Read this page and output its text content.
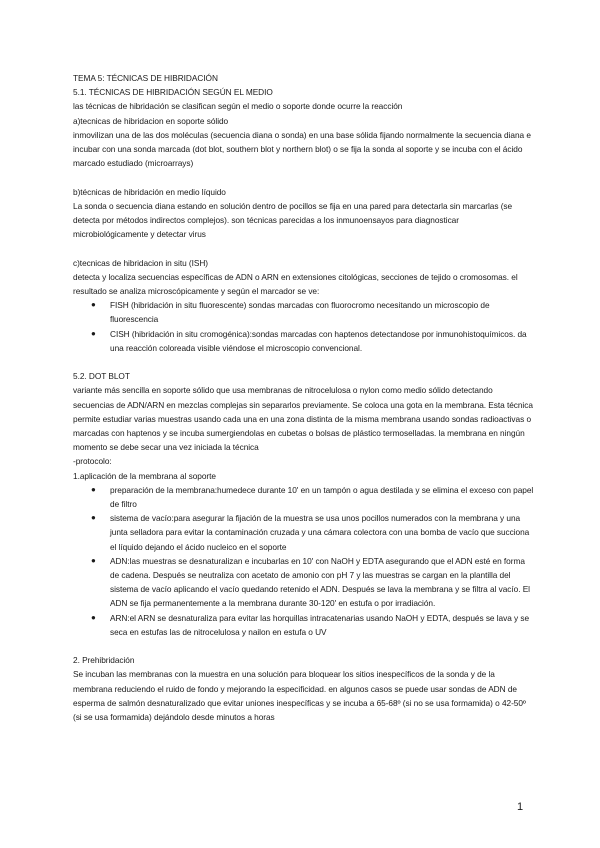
TEMA 5: TÉCNICAS DE HIBRIDACIÓN

5.1. TÉCNICAS DE HIBRIDACIÓN SEGÚN EL MEDIO

las técnicas de hibridación se clasifican según el medio o soporte donde ocurre la reacción

a)tecnicas de hibridacion en soporte sólido

inmovilizan una de las dos moléculas (secuencia diana o sonda) en una base sólida fijando normalmente la secuencia diana e incubar con una sonda marcada (dot blot, southern blot y northern blot) o se fija la sonda al soporte y se incuba con el ácido marcado estudiado (microarrays)

b)técnicas de hibridación en medio líquido

La sonda o secuencia diana estando en solución dentro de pocillos se fija en una pared para detectarla sin marcarlas (se detecta por métodos indirectos complejos). son técnicas parecidas a los inmunoensayos para diagnosticar microbiológicamente y detectar virus

c)tecnicas de hibridacion in situ (ISH)

detecta y localiza secuencias específicas de ADN o ARN en extensiones citológicas, secciones de tejido o cromosomas. el resultado se analiza microscópicamente y según el marcador se ve:

● FISH (hibridación in situ fluorescente) sondas marcadas con fluorocromo necesitando un microscopio de fluorescencia
● CISH (hibridación in situ cromogénica):sondas marcadas con haptenos detectandose por inmunohistoquímicos. da una reacción coloreada visible viéndose el microscopio convencional.

5.2. DOT BLOT

variante más sencilla en soporte sólido que usa membranas de nitrocelulosa o nylon como medio sólido detectando secuencias de ADN/ARN en mezclas complejas sin separarlos previamente. Se coloca una gota en la membrana. Esta técnica permite estudiar varias muestras usando cada una en una zona distinta de la misma membrana usando sondas radioactivas o marcadas con haptenos y se incuba sumergiendolas en cubetas o bolsas de plástico termoselladas. la membrana en ningún momento se debe secar una vez iniciada la técnica

-protocolo:

1.aplicación de la membrana al soporte

● preparación de la membrana:humedece durante 10' en un tampón o agua destilada y se elimina el exceso con papel de filtro
● sistema de vacío:para asegurar la fijación de la muestra se usa unos pocillos numerados con la membrana y una junta selladora para evitar la contaminación cruzada y una cámara colectora con una bomba de vacío que succiona el líquido dejando el ácido nucleico en el soporte
● ADN:las muestras se desnaturalizan e incubarlas en 10' con NaOH y EDTA asegurando que el ADN esté en forma de cadena. Después se neutraliza con acetato de amonio con pH 7 y las muestras se cargan en la plantilla del sistema de vacío aplicando el vacío quedando retenido el ADN. Después se lava la membrana y se filtra al vacío. El ADN se fija permanentemente a la membrana durante 30-120' en estufa o por irradiación.
● ARN:el ARN se desnaturaliza para evitar las horquillas intracatenarias usando NaOH y EDTA, después se lava y se seca en estufas las de nitrocelulosa y nailon en estufa o UV

2. Prehibridación

Se incuban las membranas con la muestra en una solución para bloquear los sitios inespecíficos de la sonda y de la membrana reduciendo el ruido de fondo y mejorando la especificidad. en algunos casos se puede usar sondas de ADN de esperma de salmón desnaturalizado que evitar uniones inespecíficas y se incuba a 65-68º (si no se usa formamida) o 42-50º (si se usa formamida) dejándolo desde minutos a horas

1
